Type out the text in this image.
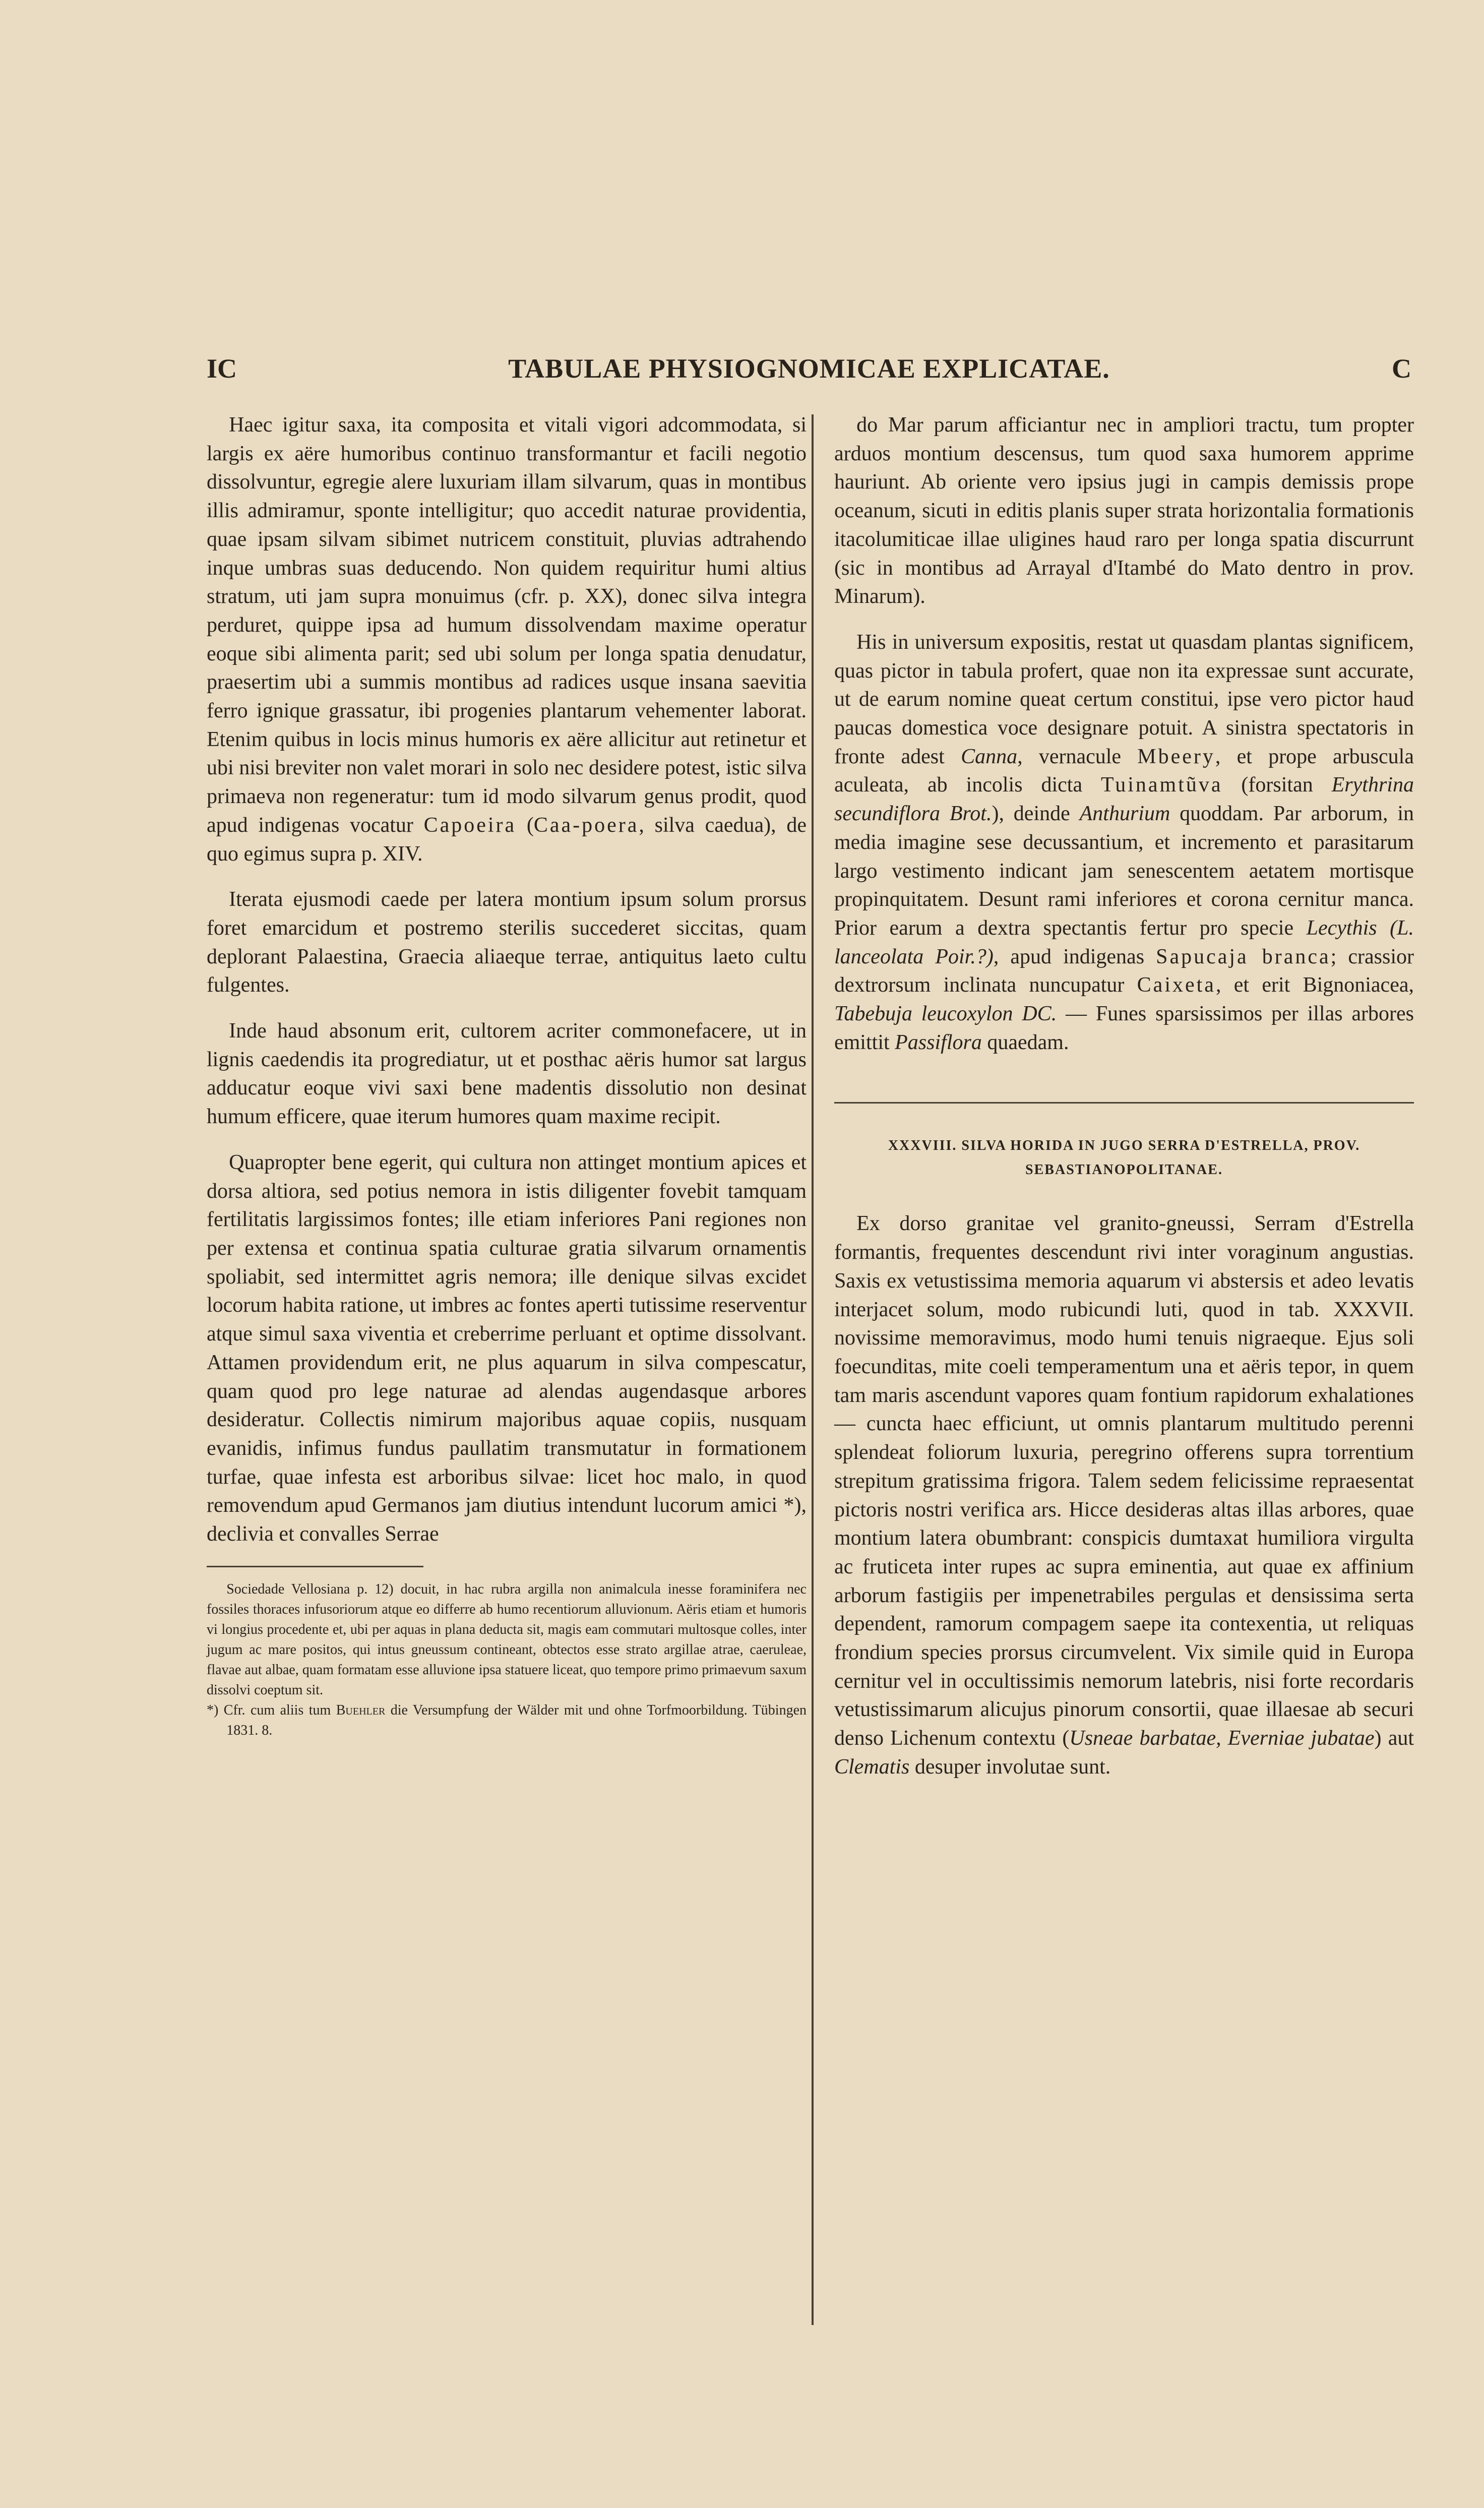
IC	TABULAE PHYSIOGNOMICAE EXPLICATAE.	C

Haec igitur saxa, ita composita et vitali vigori adcommodata, si largis ex aëre humoribus continuo transformantur et facili negotio dissolvuntur, egregie alere luxuriam illam silvarum, quas in montibus illis admiramur, sponte intelligitur; quo accedit naturae providentia, quae ipsam silvam sibimet nutricem constituit, pluvias adtrahendo inque umbras suas deducendo. Non quidem requiritur humi altius stratum, uti jam supra monuimus (cfr. p. XX), donec silva integra perduret, quippe ipsa ad humum dissolvendam maxime operatur eoque sibi alimenta parit; sed ubi solum per longa spatia denudatur, praesertim ubi a summis montibus ad radices usque insana saevitia ferro ignique grassatur, ibi progenies plantarum vehementer laborat. Etenim quibus in locis minus humoris ex aëre allicitur aut retinetur et ubi nisi breviter non valet morari in solo nec desidere potest, istic silva primaeva non regeneratur: tum id modo silvarum genus prodit, quod apud indigenas vocatur Capoeira (Caa-poera, silva caedua), de quo egimus supra p. XIV.

Iterata ejusmodi caede per latera montium ipsum solum prorsus foret emarcidum et postremo sterilis succederet siccitas, quam deplorant Palaestina, Graecia aliaeque terrae, antiquitus laeto cultu fulgentes.

Inde haud absonum erit, cultorem acriter commonefacere, ut in lignis caedendis ita progrediatur, ut et posthac aëris humor sat largus adducatur eoque vivi saxi bene madentis dissolutio non desinat humum efficere, quae iterum humores quam maxime recipit.

Quapropter bene egerit, qui cultura non attinget montium apices et dorsa altiora, sed potius nemora in istis diligenter fovebit tamquam fertilitatis largissimos fontes; ille etiam inferiores Pani regiones non per extensa et continua spatia culturae gratia silvarum ornamentis spoliabit, sed intermittet agris nemora; ille denique silvas excidet locorum habita ratione, ut imbres ac fontes aperti tutissime reserventur atque simul saxa viventia et creberrime perluant et optime dissolvant. Attamen providendum erit, ne plus aquarum in silva compescatur, quam quod pro lege naturae ad alendas augendasque arbores desideratur. Collectis nimirum majoribus aquae copiis, nusquam evanidis, infimus fundus paullatim transmutatur in formationem turfae, quae infesta est arboribus silvae: licet hoc malo, in quod removendum apud Germanos jam diutius intendunt lucorum amici *), declivia et convalles Serrae

Sociedade Vellosiana p. 12) docuit, in hac rubra argilla non animalcula inesse foraminifera nec fossiles thoraces infusoriorum atque eo differre ab humo recentiorum alluvionum. Aëris etiam et humoris vi longius procedente et, ubi per aquas in plana deducta sit, magis eam commutari multosque colles, inter jugum ac mare positos, qui intus gneussum contineant, obtectos esse strato argillae atrae, caeruleae, flavae aut albae, quam formatam esse alluvione ipsa statuere liceat, quo tempore primo primaevum saxum dissolvi coeptum sit.

*) Cfr. cum aliis tum Buehler die Versumpfung der Wälder mit und ohne Torfmoorbildung. Tübingen 1831. 8.

do Mar parum afficiantur nec in ampliori tractu, tum propter arduos montium descensus, tum quod saxa humorem apprime hauriunt. Ab oriente vero ipsius jugi in campis demissis prope oceanum, sicuti in editis planis super strata horizontalia formationis itacolumiticae illae uligines haud raro per longa spatia discurrunt (sic in montibus ad Arrayal d'Itambé do Mato dentro in prov. Minarum).

His in universum expositis, restat ut quasdam plantas significem, quas pictor in tabula profert, quae non ita expressae sunt accurate, ut de earum nomine queat certum constitui, ipse vero pictor haud paucas domestica voce designare potuit. A sinistra spectatoris in fronte adest Canna, vernacule Mbeery, et prope arbuscula aculeata, ab incolis dicta Tuinamtũva (forsitan Erythrina secundiflora Brot.), deinde Anthurium quoddam. Par arborum, in media imagine sese decussantium, et incremento et parasitarum largo vestimento indicant jam senescentem aetatem mortisque propinquitatem. Desunt rami inferiores et corona cernitur manca. Prior earum a dextra spectantis fertur pro specie Lecythis (L. lanceolata Poir.?), apud indigenas Sapucaja branca; crassior dextrorsum inclinata nuncupatur Caixeta, et erit Bignoniacea, Tabebuja leucoxylon DC. — Funes sparsissimos per illas arbores emittit Passiflora quaedam.

XXXVIII. SILVA HORIDA IN JUGO SERRA D'ESTRELLA, PROV.
SEBASTIANOPOLITANAE.

Ex dorso granitae vel granito-gneussi, Serram d'Estrella formantis, frequentes descendunt rivi inter voraginum angustias. Saxis ex vetustissima memoria aquarum vi abstersis et adeo levatis interjacet solum, modo rubicundi luti, quod in tab. XXXVII. novissime memoravimus, modo humi tenuis nigraeque. Ejus soli foecunditas, mite coeli temperamentum una et aëris tepor, in quem tam maris ascendunt vapores quam fontium rapidorum exhalationes — cuncta haec efficiunt, ut omnis plantarum multitudo perenni splendeat foliorum luxuria, peregrino offerens supra torrentium strepitum gratissima frigora. Talem sedem felicissime repraesentat pictoris nostri verifica ars. Hicce desideras altas illas arbores, quae montium latera obumbrant: conspicis dumtaxat humiliora virgulta ac fruticeta inter rupes ac supra eminentia, aut quae ex affinium arborum fastigiis per impenetrabiles pergulas et densissima serta dependent, ramorum compagem saepe ita contexentia, ut reliquas frondium species prorsus circumvelent. Vix simile quid in Europa cernitur vel in occultissimis nemorum latebris, nisi forte recordaris vetustissimarum alicujus pinorum consortii, quae illaesae ab securi denso Lichenum contextu (Usneae barbatae, Everniae jubatae) aut Clematis desuper involutae sunt.
